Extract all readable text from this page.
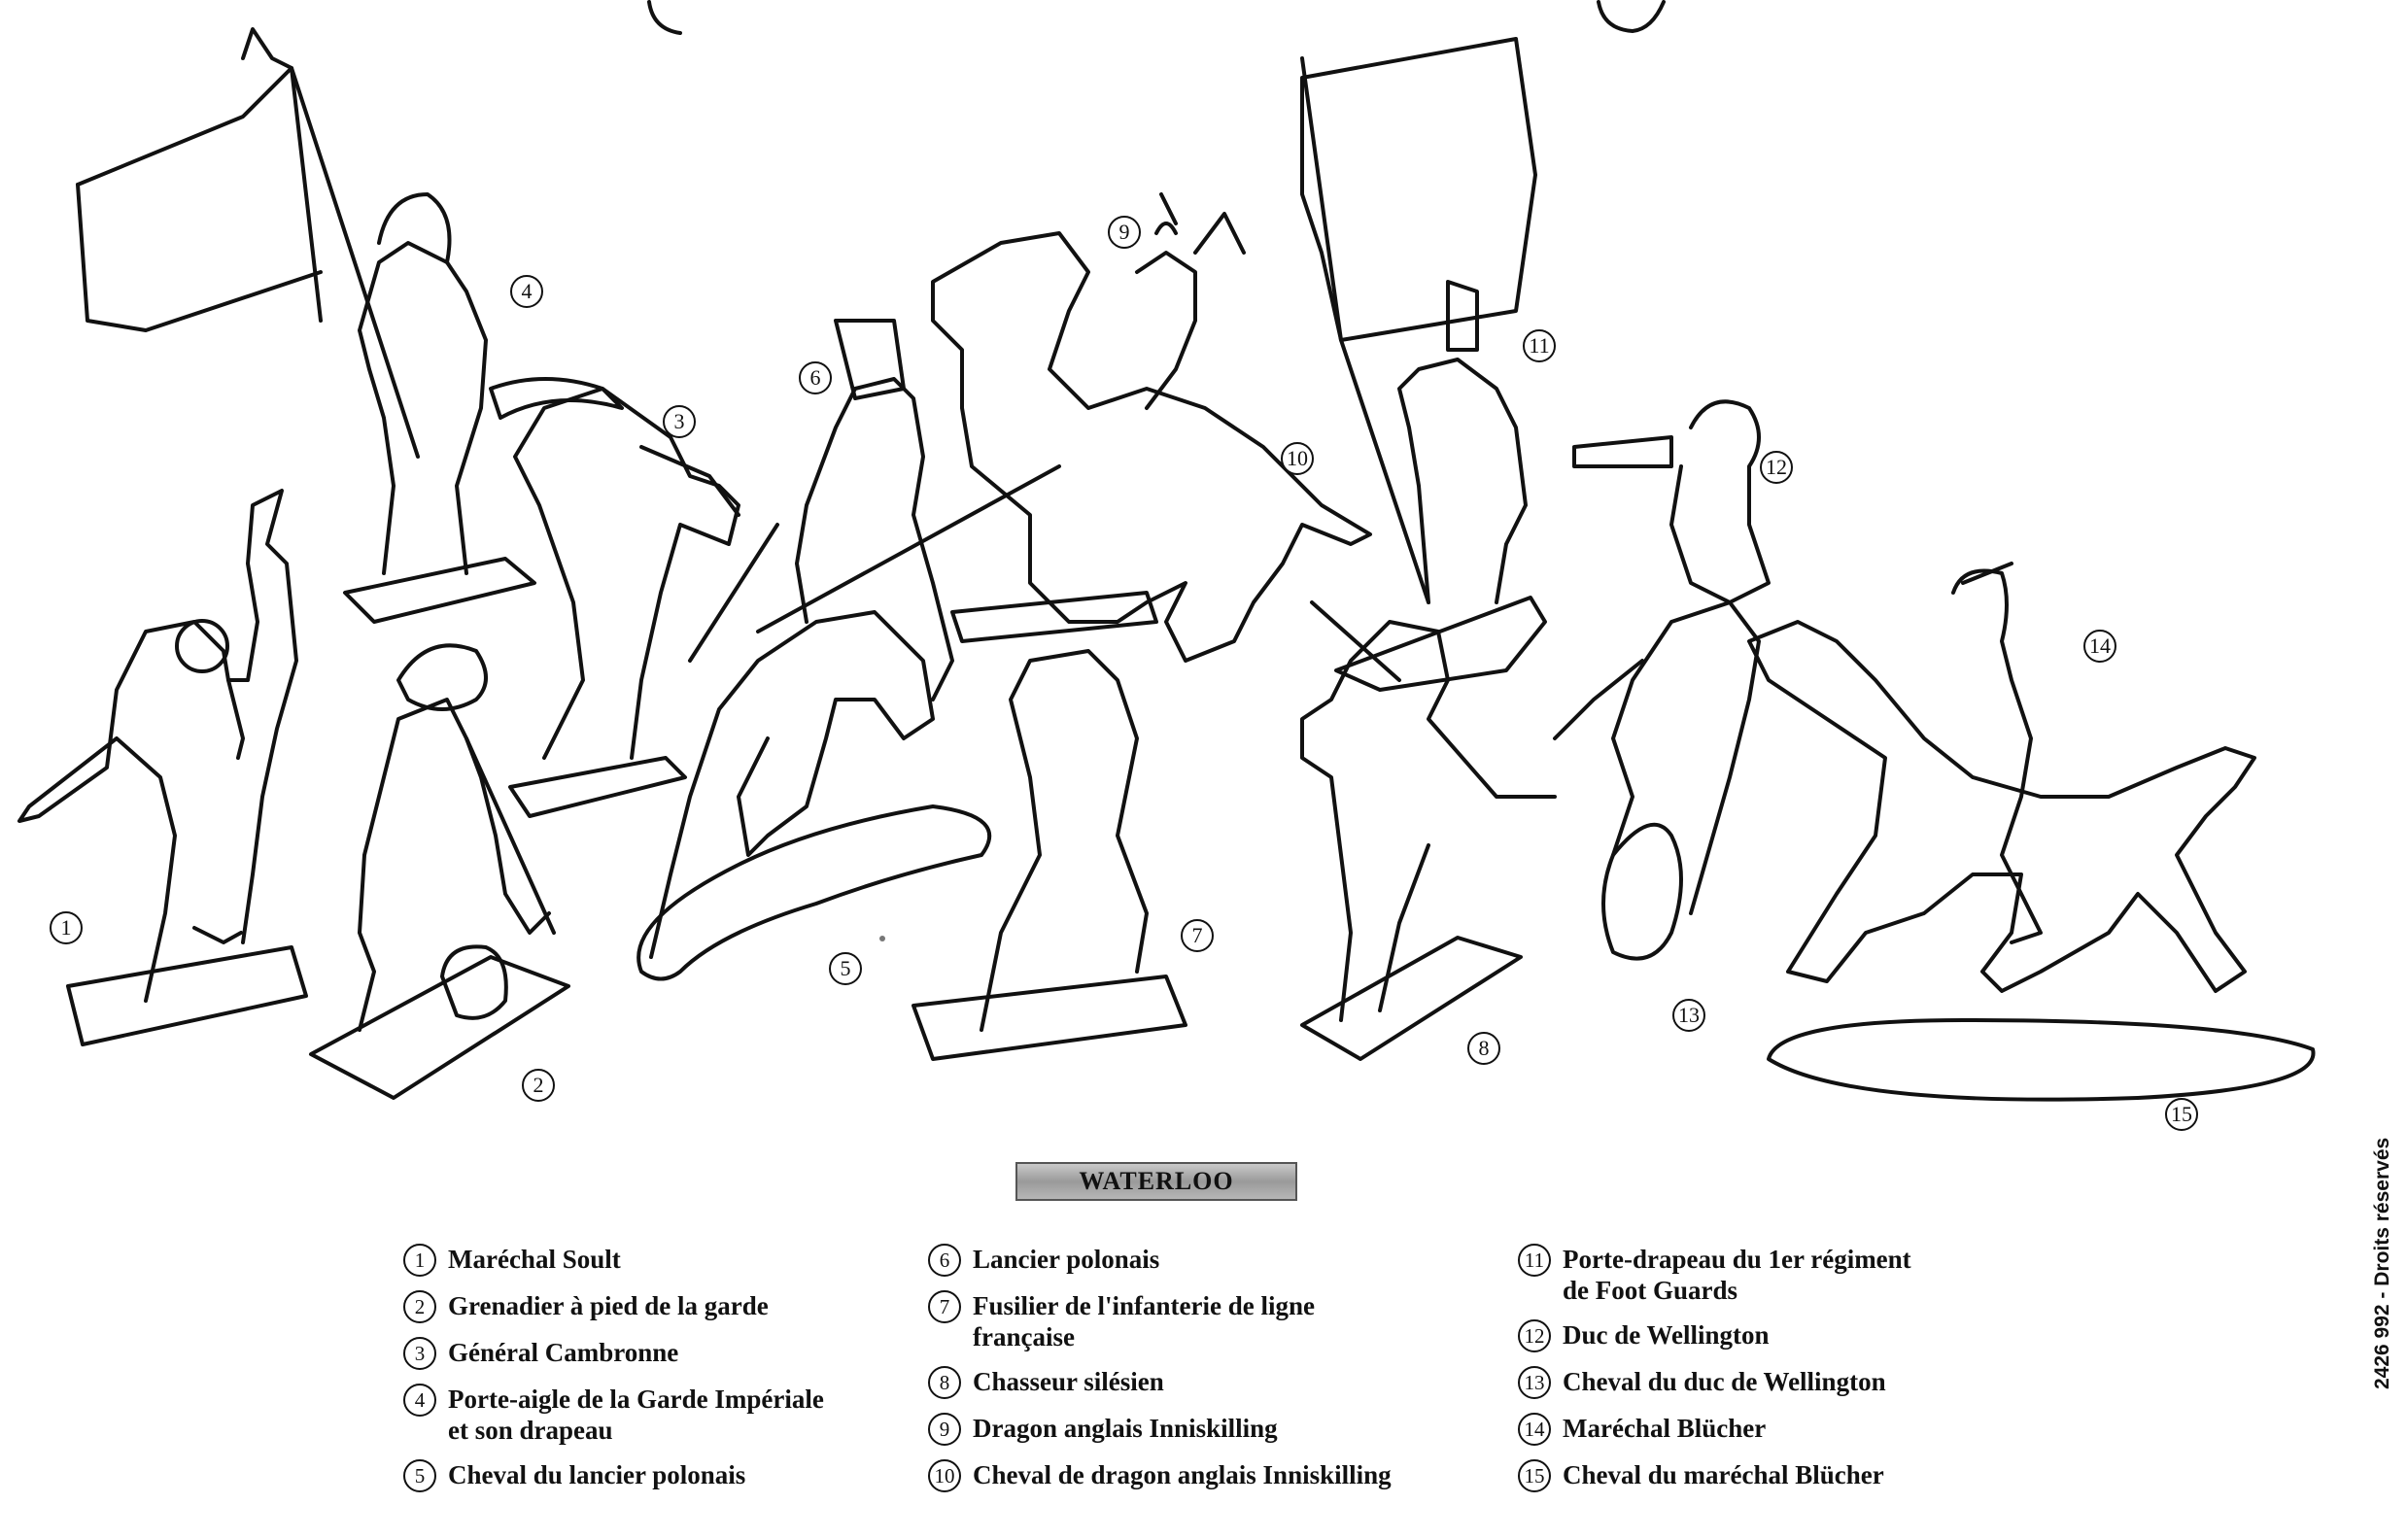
1
2
3
4
5
6
7
8
9
10
11
12
13
14
15
WATERLOO
1 Maréchal Soult
2 Grenadier à pied de la garde
3 Général Cambronne
4 Porte-aigle de la Garde Impériale
et son drapeau
5 Cheval du lancier polonais
6 Lancier polonais
7 Fusilier de l'infanterie de ligne
française
8 Chasseur silésien
9 Dragon anglais Inniskilling
10 Cheval de dragon anglais Inniskilling
11 Porte-drapeau du 1er régiment
de Foot Guards
12 Duc de Wellington
13 Cheval du duc de Wellington
14 Maréchal Blücher
15 Cheval du maréchal Blücher
2426 992 - Droits réservés
